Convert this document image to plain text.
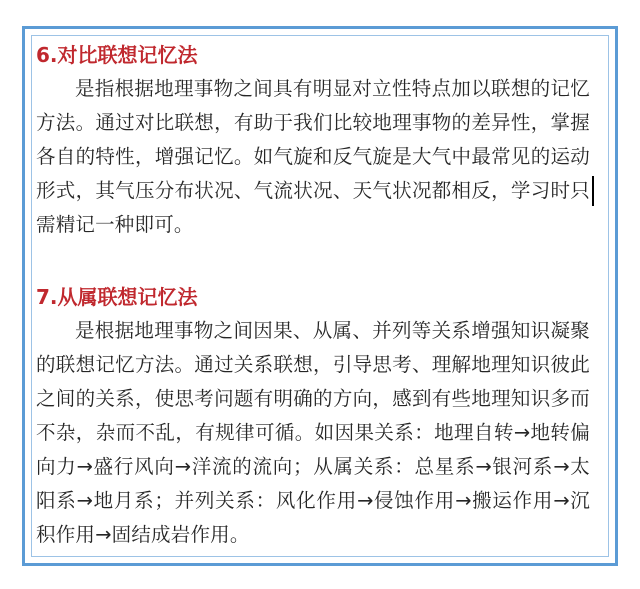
6.对比联想记忆法

是指根据地理事物之间具有明显对立性特点加以联想的记忆方法。通过对比联想，有助于我们比较地理事物的差异性，掌握各自的特性，增强记忆。如气旋和反气旋是大气中最常见的运动形式，其气压分布状况、气流状况、天气状况都相反，学习时只需精记一种即可。

7.从属联想记忆法

是根据地理事物之间因果、从属、并列等关系增强知识凝聚的联想记忆方法。通过关系联想，引导思考、理解地理知识彼此之间的关系，使思考问题有明确的方向，感到有些地理知识多而不杂，杂而不乱，有规律可循。如因果关系：地理自转→地转偏向力→盛行风向→洋流的流向；从属关系：总星系→银河系→太阳系→地月系；并列关系：风化作用→侵蚀作用→搬运作用→沉积作用→固结成岩作用。
